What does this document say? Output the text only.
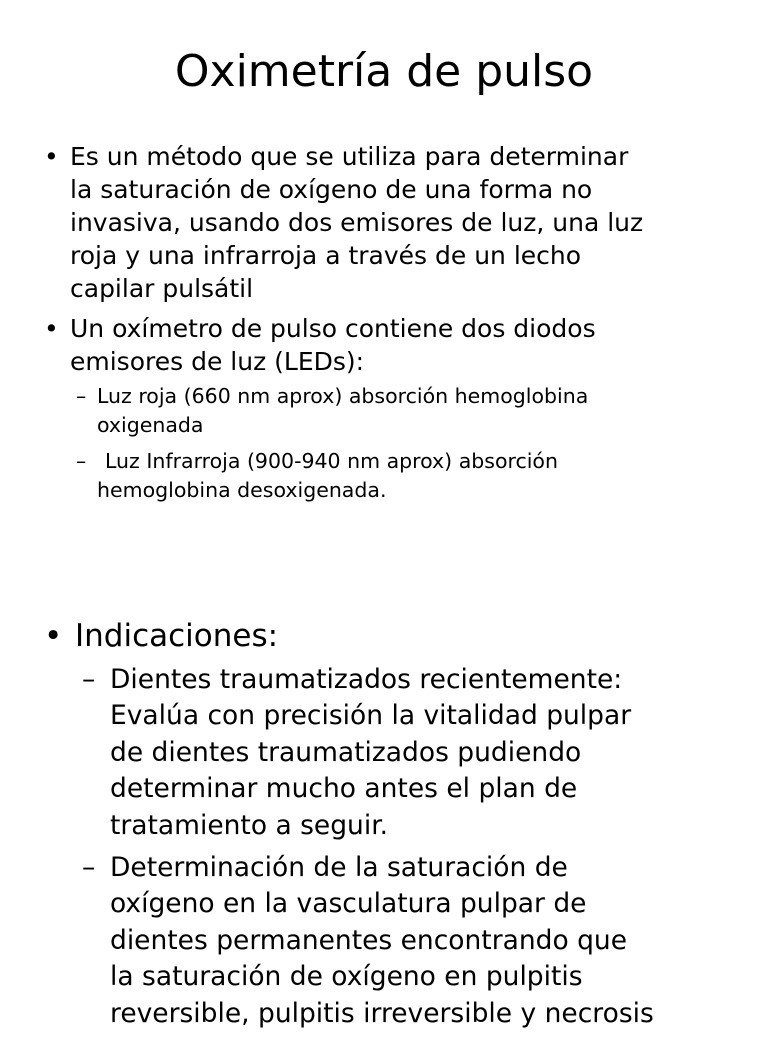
Oximetría de pulso
• Es un método que se utiliza para determinar
la saturación de oxígeno de una forma no
invasiva, usando dos emisores de luz, una luz
roja y una infrarroja a través de un lecho
capilar pulsátil
• Un oxímetro de pulso contiene dos diodos
emisores de luz (LEDs):
– Luz roja (660 nm aprox) absorción hemoglobina
oxigenada
– Luz Infrarroja (900-940 nm aprox) absorción
hemoglobina desoxigenada.
• Indicaciones:
– Dientes traumatizados recientemente:
Evalúa con precisión la vitalidad pulpar
de dientes traumatizados pudiendo
determinar mucho antes el plan de
tratamiento a seguir.
– Determinación de la saturación de
oxígeno en la vasculatura pulpar de
dientes permanentes encontrando que
la saturación de oxígeno en pulpitis
reversible, pulpitis irreversible y necrosis
